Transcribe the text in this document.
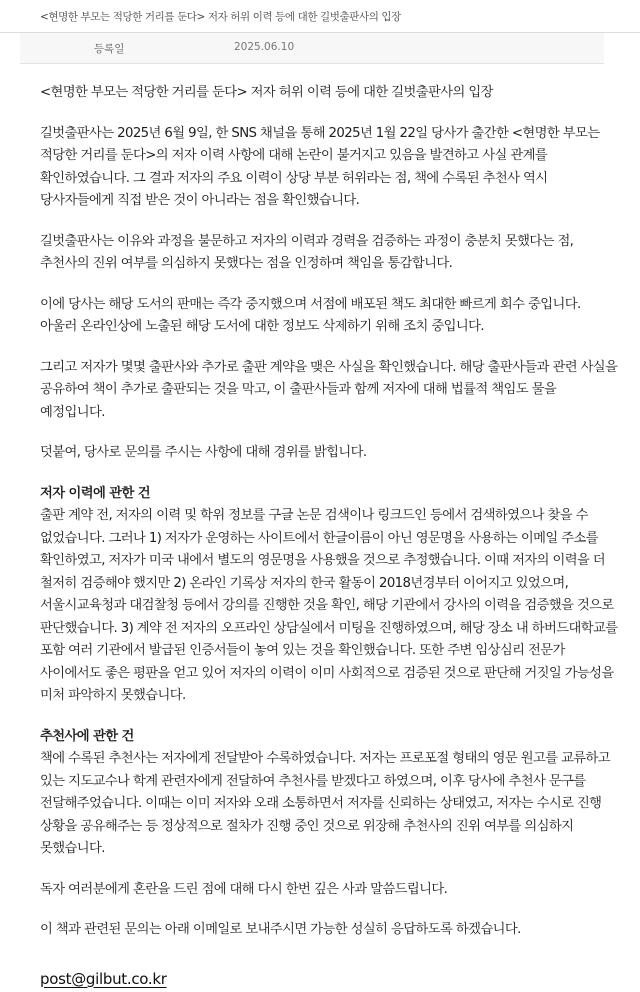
<현명한 부모는 적당한 거리를 둔다> 저자 허위 이력 등에 대한 길벗출판사의 입장
등록일	2025.06.10

<현명한 부모는 적당한 거리를 둔다> 저자 허위 이력 등에 대한 길벗출판사의 입장

길벗출판사는 2025년 6월 9일, 한 SNS 채널을 통해 2025년 1월 22일 당사가 출간한 <현명한 부모는 적당한 거리를 둔다>의 저자 이력 사항에 대해 논란이 불거지고 있음을 발견하고 사실 관계를 확인하였습니다. 그 결과 저자의 주요 이력이 상당 부분 허위라는 점, 책에 수록된 추천사 역시 당사자들에게 직접 받은 것이 아니라는 점을 확인했습니다.

길벗출판사는 이유와 과정을 불문하고 저자의 이력과 경력을 검증하는 과정이 충분치 못했다는 점, 추천사의 진위 여부를 의심하지 못했다는 점을 인정하며 책임을 통감합니다.

이에 당사는 해당 도서의 판매는 즉각 중지했으며 서점에 배포된 책도 최대한 빠르게 회수 중입니다. 아울러 온라인상에 노출된 해당 도서에 대한 정보도 삭제하기 위해 조치 중입니다.

그리고 저자가 몇몇 출판사와 추가로 출판 계약을 맺은 사실을 확인했습니다. 해당 출판사들과 관련 사실을 공유하여 책이 추가로 출판되는 것을 막고, 이 출판사들과 함께 저자에 대해 법률적 책임도 물을 예정입니다.

덧붙여, 당사로 문의를 주시는 사항에 대해 경위를 밝힙니다.

저자 이력에 관한 건

출판 계약 전, 저자의 이력 및 학위 정보를 구글 논문 검색이나 링크드인 등에서 검색하였으나 찾을 수 없었습니다. 그러나 1) 저자가 운영하는 사이트에서 한글이름이 아닌 영문명을 사용하는 이메일 주소를 확인하였고, 저자가 미국 내에서 별도의 영문명을 사용했을 것으로 추정했습니다. 이때 저자의 이력을 더 철저히 검증해야 했지만 2) 온라인 기록상 저자의 한국 활동이 2018년경부터 이어지고 있었으며, 서울시교육청과 대검찰청 등에서 강의를 진행한 것을 확인, 해당 기관에서 강사의 이력을 검증했을 것으로 판단했습니다. 3) 계약 전 저자의 오프라인 상담실에서 미팅을 진행하였으며, 해당 장소 내 하버드대학교를 포함 여러 기관에서 발급된 인증서들이 놓여 있는 것을 확인했습니다. 또한 주변 임상심리 전문가 사이에서도 좋은 평판을 얻고 있어 저자의 이력이 이미 사회적으로 검증된 것으로 판단해 거짓일 가능성을 미처 파악하지 못했습니다.

추천사에 관한 건

책에 수록된 추천사는 저자에게 전달받아 수록하였습니다. 저자는 프로포절 형태의 영문 원고를 교류하고 있는 지도교수나 학계 관련자에게 전달하여 추천사를 받겠다고 하였으며, 이후 당사에 추천사 문구를 전달해주었습니다. 이때는 이미 저자와 오래 소통하면서 저자를 신뢰하는 상태였고, 저자는 수시로 진행 상황을 공유해주는 등 정상적으로 절차가 진행 중인 것으로 위장해 추천사의 진위 여부를 의심하지 못했습니다.

독자 여러분에게 혼란을 드린 점에 대해 다시 한번 깊은 사과 말씀드립니다.

이 책과 관련된 문의는 아래 이메일로 보내주시면 가능한 성실히 응답하도록 하겠습니다.

post@gilbut.co.kr
